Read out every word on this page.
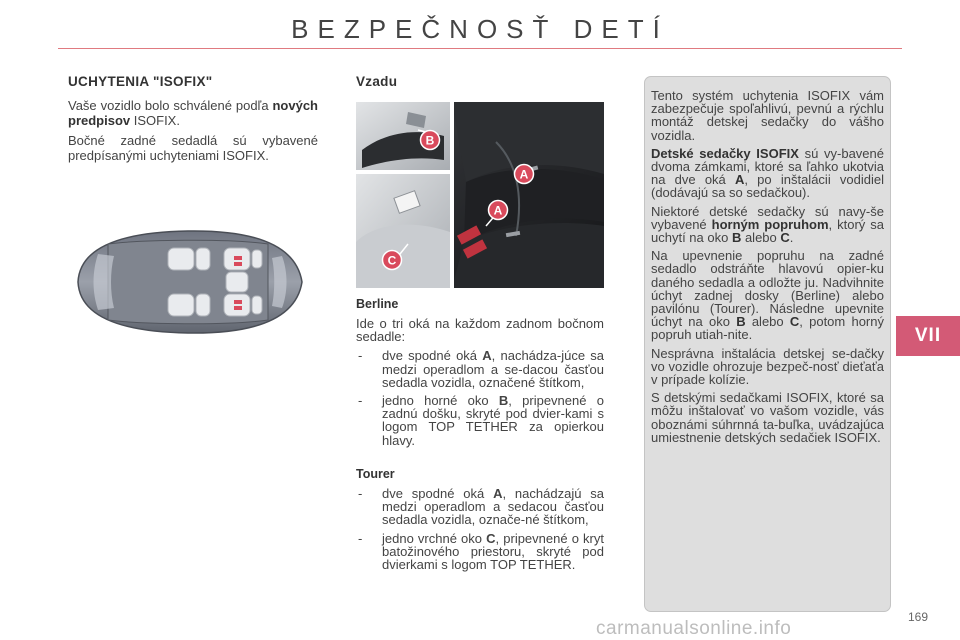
BEZPEČNOSŤ DETÍ
VII
UCHYTENIA "ISOFIX"

Vaše vozidlo bolo schválené podľa nových predpisov ISOFIX.

Bočné zadné sedadlá sú vybavené predpísanými uchyteniami ISOFIX.

Vzadu
B
A
A
C
Berline

Ide o tri oká na každom zadnom bočnom sedadle:

- dve spodné oká A, nachádza-júce sa medzi operadlom a se-dacou časťou sedadla vozidla, označené štítkom,
- jedno horné oko B, pripevnené o zadnú došku, skryté pod dvier-kami s logom TOP TETHER za opierkou hlavy.
Tourer
- dve spodné oká A, nachádzajú sa medzi operadlom a sedacou časťou sedadla vozidla, označe-né štítkom,
- jedno vrchné oko C, pripevnené o kryt batožinového priestoru, skryté pod dvierkami s logom TOP TETHER.

Tento systém uchytenia ISOFIX vám zabezpečuje spoľahlivú, pevnú a rýchlu montáž detskej sedačky do vášho vozidla.

Detské sedačky ISOFIX sú vy-bavené dvoma zámkami, ktoré sa ľahko ukotvia na dve oká A, po inštalácii vodidiel (dodávajú sa so sedačkou).

Niektoré detské sedačky sú navy-še vybavené horným popruhom, ktorý sa uchytí na oko B alebo C.

Na upevnenie popruhu na zadné sedadlo odstráňte hlavovú opier-ku daného sedadla a odložte ju. Nadvihnite úchyt zadnej dosky (Berline) alebo pavilónu (Tourer). Následne upevnite úchyt na oko B alebo C, potom horný popruh utiah-nite.

Nesprávna inštalácia detskej se-dačky vo vozidle ohrozuje bezpeč-nosť dieťaťa v prípade kolízie.

S detskými sedačkami ISOFIX, ktoré sa môžu inštalovať vo vašom vozidle, vás oboznámi súhrnná ta-buľka, uvádzajúca umiestnenie detských sedačiek ISOFIX.

carmanualsonline.info
169
